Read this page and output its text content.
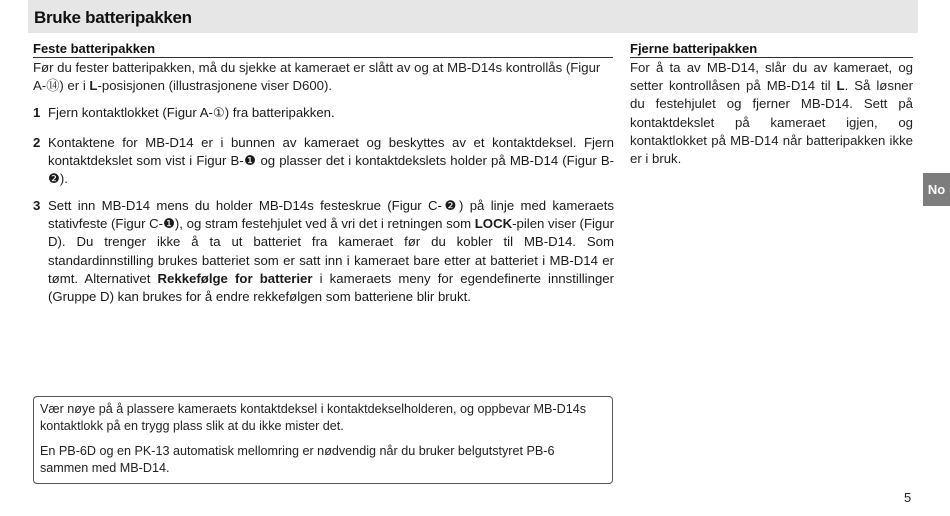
Bruke batteripakken
Feste batteripakken
Før du fester batteripakken, må du sjekke at kameraet er slått av og at MB-D14s kontrollås (Figur A-⑭) er i L-posisjonen (illustrasjonene viser D600).
1 Fjern kontaktlokket (Figur A-①) fra batteripakken.
2 Kontaktene for MB-D14 er i bunnen av kameraet og beskyttes av et kontaktdeksel. Fjern kontaktdekslet som vist i Figur B-❶ og plasser det i kontaktdekslets holder på MB-D14 (Figur B-❷).
3 Sett inn MB-D14 mens du holder MB-D14s festeskrue (Figur C-❷) på linje med kameraets stativfeste (Figur C-❶), og stram festehjulet ved å vri det i retningen som LOCK-pilen viser (Figur D). Du trenger ikke å ta ut batteriet fra kameraet før du kobler til MB-D14. Som standardinnstilling brukes batteriet som er satt inn i kameraet bare etter at batteriet i MB-D14 er tømt. Alternativet Rekkefølge for batterier i kameraets meny for egendefinerte innstillinger (Gruppe D) kan brukes for å endre rekkefølgen som batteriene blir brukt.
Fjerne batteripakken
For å ta av MB-D14, slår du av kameraet, og setter kontrollåsen på MB-D14 til L. Så løsner du festehjulet og fjerner MB-D14. Sett på kontaktdekslet på kameraet igjen, og kontaktlokket på MB-D14 når batteripakken ikke er i bruk.

Vær nøye på å plassere kameraets kontaktdeksel i kontaktdekselholderen, og oppbevar MB-D14s kontaktlokk på en trygg plass slik at du ikke mister det.

En PB-6D og en PK-13 automatisk mellomring er nødvendig når du bruker belgutstyret PB-6 sammen med MB-D14.

No
5
